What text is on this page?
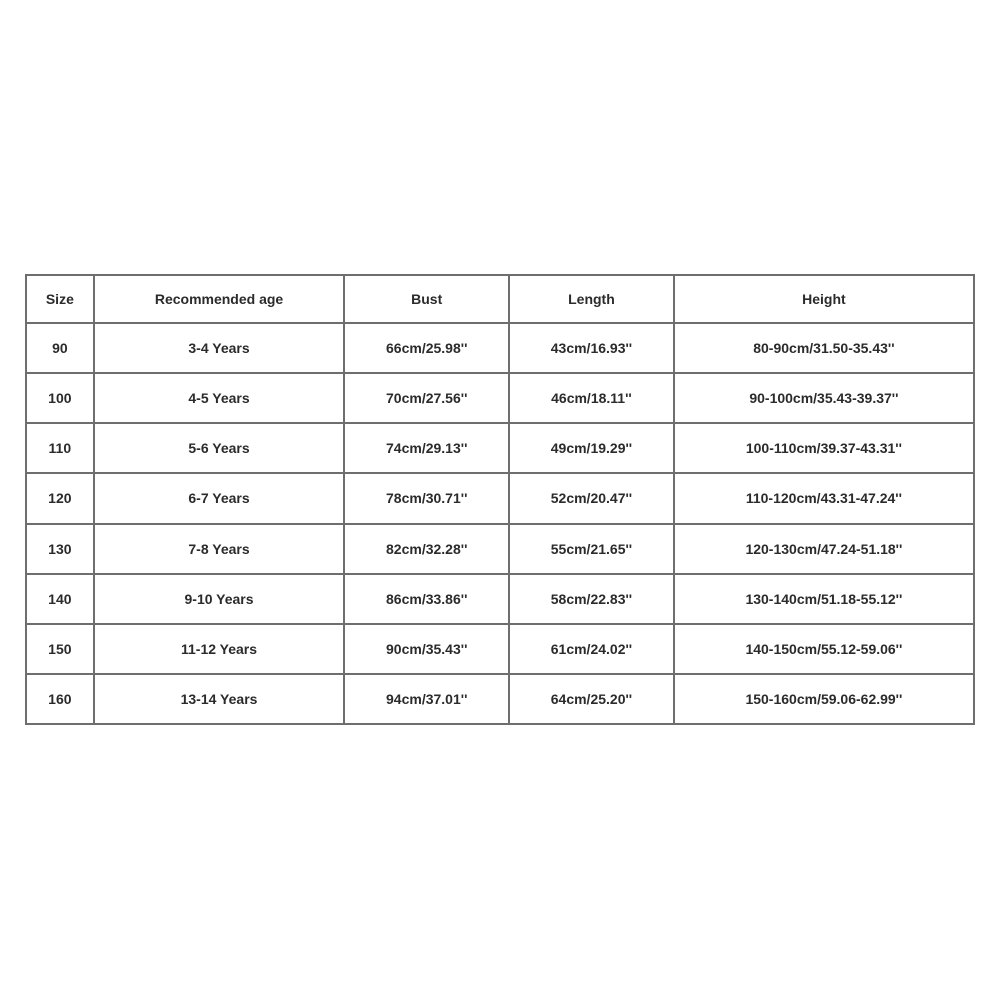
Size	Recommended age	Bust	Length	Height
90	3-4 Years	66cm/25.98''	43cm/16.93''	80-90cm/31.50-35.43''
100	4-5 Years	70cm/27.56''	46cm/18.11''	90-100cm/35.43-39.37''
110	5-6 Years	74cm/29.13''	49cm/19.29''	100-110cm/39.37-43.31''
120	6-7 Years	78cm/30.71''	52cm/20.47''	110-120cm/43.31-47.24''
130	7-8 Years	82cm/32.28''	55cm/21.65''	120-130cm/47.24-51.18''
140	9-10 Years	86cm/33.86''	58cm/22.83''	130-140cm/51.18-55.12''
150	11-12 Years	90cm/35.43''	61cm/24.02''	140-150cm/55.12-59.06''
160	13-14 Years	94cm/37.01''	64cm/25.20''	150-160cm/59.06-62.99''
